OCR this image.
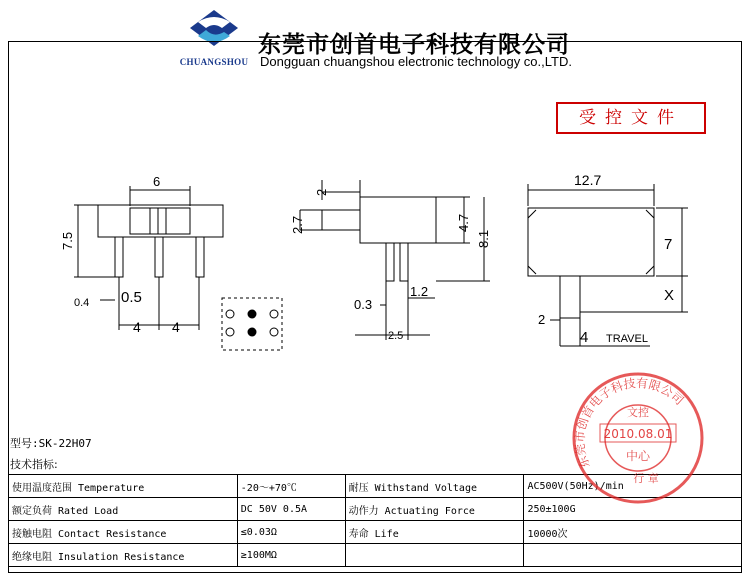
CHUANGSHOU
东莞市创首电子科技有限公司
Dongguan chuangshou electronic technology co.,LTD.
受控文件
6
7.5
0.4 0.5
4 4
2
2.7	4.7
8.1
0.3
1.2
2.5
12.7
7
X
2
4 TRAVEL
型号:SK-22H07
技术指标:
使用温度范围 Temperature	-20～+70℃	耐压 Withstand Voltage	AC500V(50Hz)/min
额定负荷 Rated Load	DC 50V 0.5A	动作力 Actuating Force	250±100G
接触电阻 Contact Resistance	≤0.03Ω	寿命 Life	10000次
绝缘电阻 Insulation Resistance	≥100MΩ		
东莞市创首电子科技有限公司
文控
2010.08.01
中心
行 章
